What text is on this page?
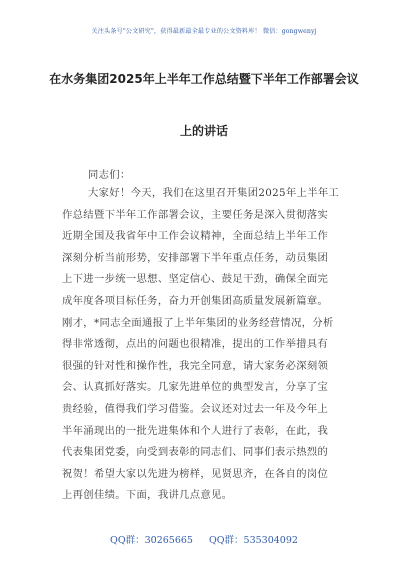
关注头条号"公文研究"，获得最新最全最专业的公文资料库！ 微信：gongwenyj
在水务集团2025年上半年工作总结暨下半年工作部署会议
上的讲话
同志们：
大家好！今天，我们在这里召开集团2025年上半年工
作总结暨下半年工作部署会议，主要任务是深入贯彻落实
近期全国及我省年中工作会议精神，全面总结上半年工作
深刻分析当前形势，安排部署下半年重点任务，动员集团
上下进一步统一思想、坚定信心、鼓足干劲，确保全面完
成年度各项目标任务，奋力开创集团高质量发展新篇章。
刚才，*同志全面通报了上半年集团的业务经营情况，分析
得非常透彻，点出的问题也很精准，提出的工作举措具有
很强的针对性和操作性，我完全同意，请大家务必深刻领
会、认真抓好落实。几家先进单位的典型发言，分享了宝
贵经验，值得我们学习借鉴。会议还对过去一年及今年上
半年涌现出的一批先进集体和个人进行了表彰，在此，我
代表集团党委，向受到表彰的同志们、同事们表示热烈的
祝贺！希望大家以先进为榜样，见贤思齐，在各自的岗位
上再创佳绩。下面，我讲几点意见。
QQ群：30265665 QQ群：535304092
